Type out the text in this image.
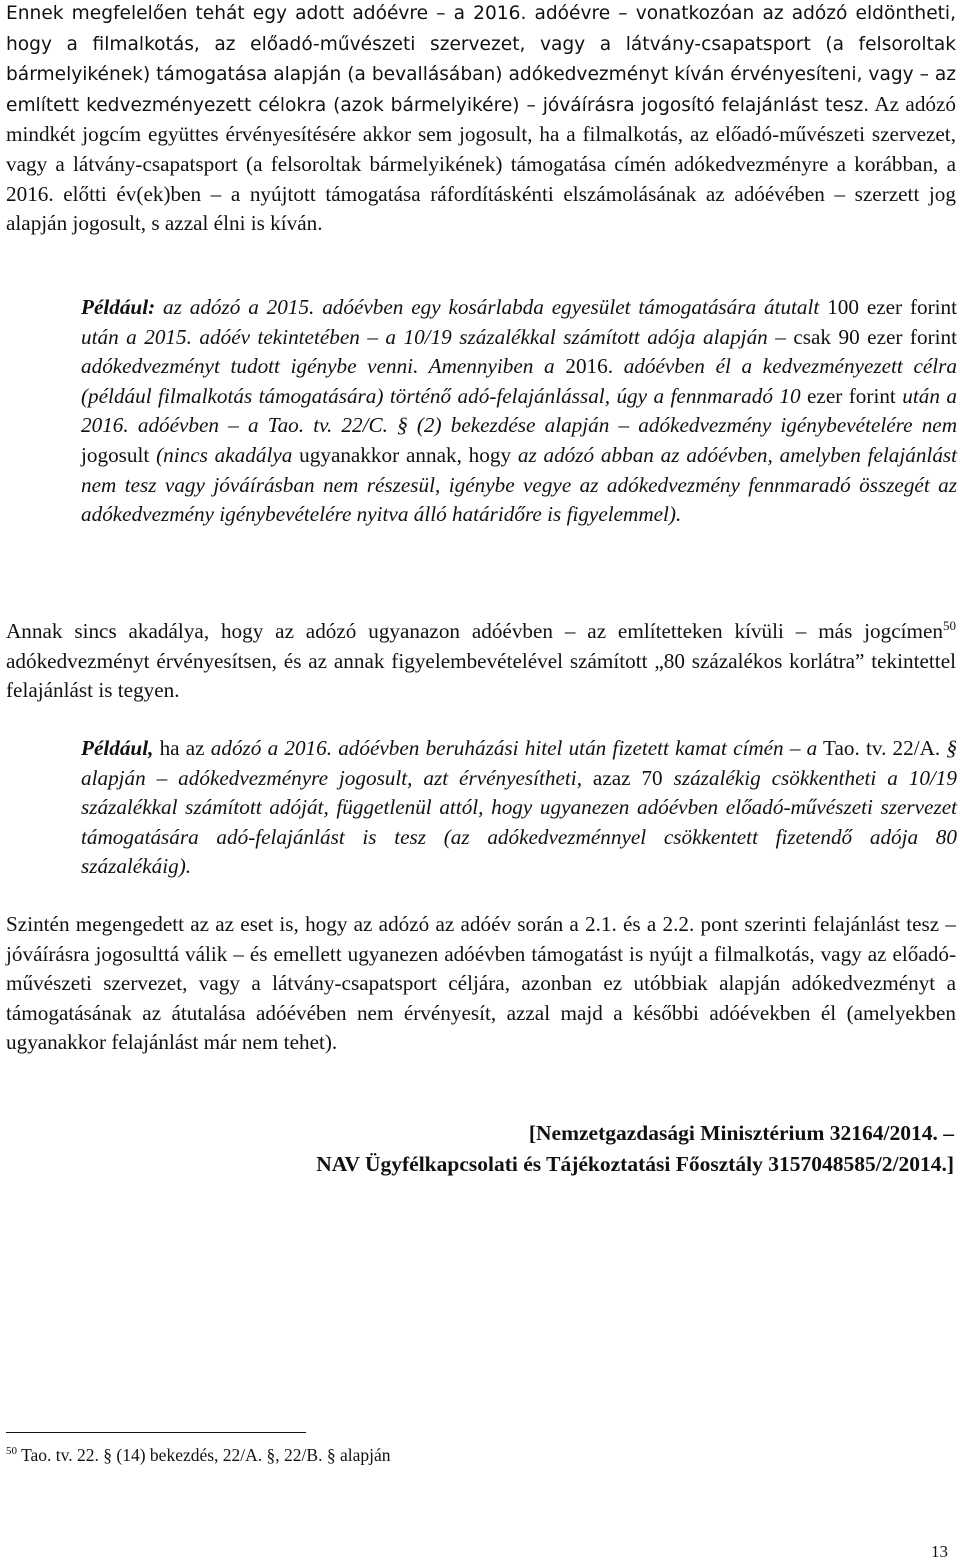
Ennek megfelelően tehát egy adott adóévre – a 2016. adóévre – vonatkozóan az adózó eldöntheti, hogy a filmalkotás, az előadó-művészeti szervezet, vagy a látvány-csapatsport (a felsoroltak bármelyikének) támogatása alapján (a bevallásában) adókedvezményt kíván érvényesíteni, vagy – az említett kedvezményezett célokra (azok bármelyikére) – jóváírásra jogosító felajánlást tesz. Az adózó mindkét jogcím együttes érvényesítésére akkor sem jogosult, ha a filmalkotás, az előadó-művészeti szervezet, vagy a látvány-csapatsport (a felsoroltak bármelyikének) támogatása címén adókedvezményre a korábban, a 2016. előtti év(ek)ben – a nyújtott támogatása ráfordításkénti elszámolásának az adóévében – szerzett jog alapján jogosult, s azzal élni is kíván.

Például: az adózó a 2015. adóévben egy kosárlabda egyesület támogatására átutalt 100 ezer forint után a 2015. adóév tekintetében – a 10/19 százalékkal számított adója alapján – csak 90 ezer forint adókedvezményt tudott igénybe venni. Amennyiben a 2016. adóévben él a kedvezményezett célra (például filmalkotás támogatására) történő adó-felajánlással, úgy a fennmaradó 10 ezer forint után a 2016. adóévben – a Tao. tv. 22/C. § (2) bekezdése alapján – adókedvezmény igénybevételére nem jogosult (nincs akadálya ugyanakkor annak, hogy az adózó abban az adóévben, amelyben felajánlást nem tesz vagy jóváírásban nem részesül, igénybe vegye az adókedvezmény fennmaradó összegét az adókedvezmény igénybevételére nyitva álló határidőre is figyelemmel).

Annak sincs akadálya, hogy az adózó ugyanazon adóévben – az említetteken kívüli – más jogcímen$^{50}$ adókedvezményt érvényesítsen, és az annak figyelembevételével számított „80 százalékos korlátra” tekintettel felajánlást is tegyen.

Például, ha az adózó a 2016. adóévben beruházási hitel után fizetett kamat címén – a Tao. tv. 22/A. § alapján – adókedvezményre jogosult, azt érvényesítheti, azaz 70 százalékig csökkentheti a 10/19 százalékkal számított adóját, függetlenül attól, hogy ugyanezen adóévben előadó-művészeti szervezet támogatására adó-felajánlást is tesz (az adókedvezménnyel csökkentett fizetendő adója 80 százalékáig).

Szintén megengedett az az eset is, hogy az adózó az adóév során a 2.1. és a 2.2. pont szerinti felajánlást tesz – jóváírásra jogosulttá válik – és emellett ugyanezen adóévben támogatást is nyújt a filmalkotás, vagy az előadó-művészeti szervezet, vagy a látvány-csapatsport céljára, azonban ez utóbbiak alapján adókedvezményt a támogatásának az átutalása adóévében nem érvényesít, azzal majd a későbbi adóévekben él (amelyekben ugyanakkor felajánlást már nem tehet).

[Nemzetgazdasági Minisztérium 32164/2014. –
NAV Ügyfélkapcsolati és Tájékoztatási Főosztály 3157048585/2/2014.]
$^{50}$ Tao. tv. 22. § (14) bekezdés, 22/A. §, 22/B. § alapján
13
